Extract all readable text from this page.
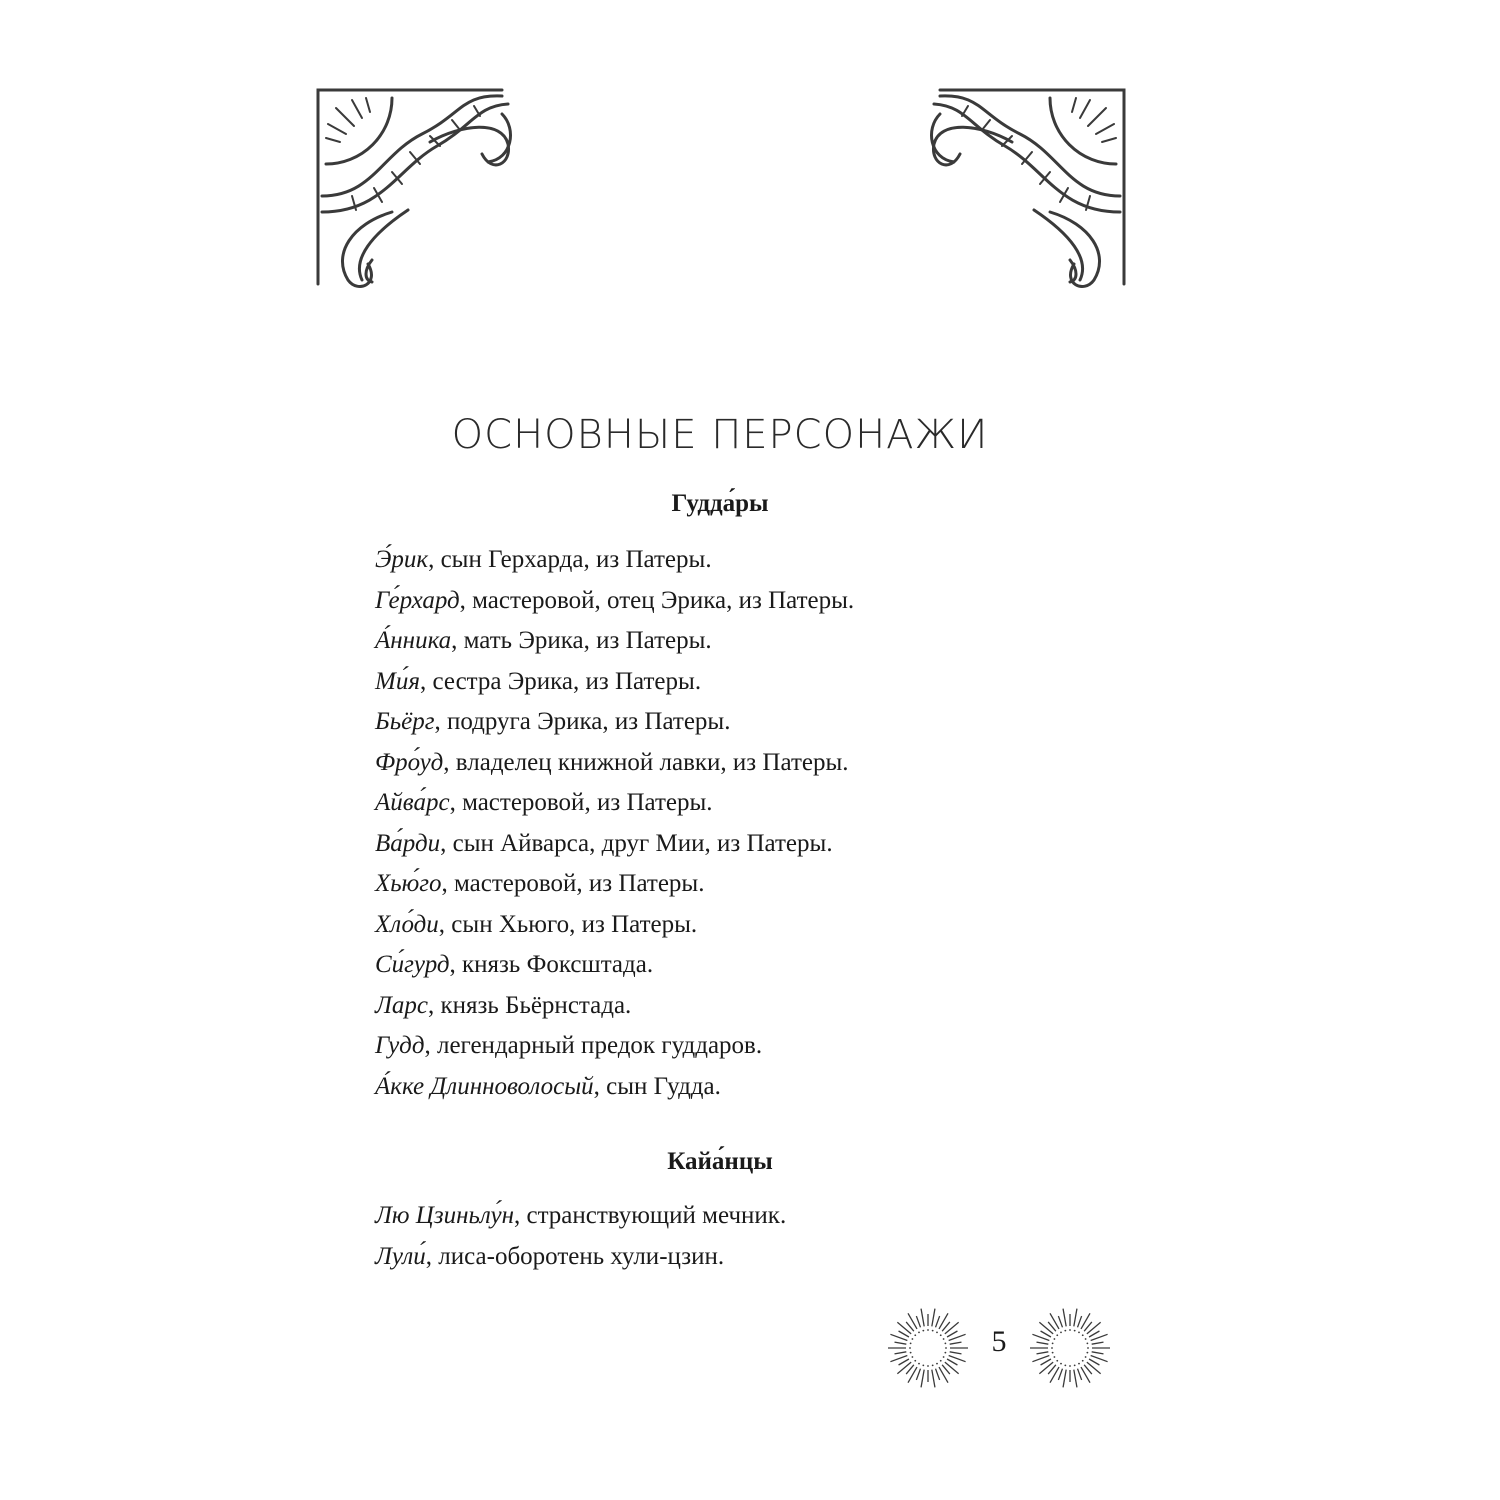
ОСНОВНЫЕ ПЕРСОНАЖИ
Гудда́ры
Э́рик, сын Герхарда, из Патеры.
Ге́рхард, мастеровой, отец Эрика, из Патеры.
А́нника, мать Эрика, из Патеры.
Ми́я, сестра Эрика, из Патеры.
Бьёрг, подруга Эрика, из Патеры.
Фро́уд, владелец книжной лавки, из Патеры.
Айва́рс, мастеровой, из Патеры.
Ва́рди, сын Айварса, друг Мии, из Патеры.
Хью́го, мастеровой, из Патеры.
Хло́ди, сын Хьюго, из Патеры.
Си́гурд, князь Фоксштада.
Ларс, князь Бьёрнстада.
Гудд, легендарный предок гуддаров.
А́кке Длинноволосый, сын Гудда.
Кайа́нцы
Лю Цзиньлу́н, странствующий мечник.
Лули́, лиса-оборотень хули-цзин.
5
